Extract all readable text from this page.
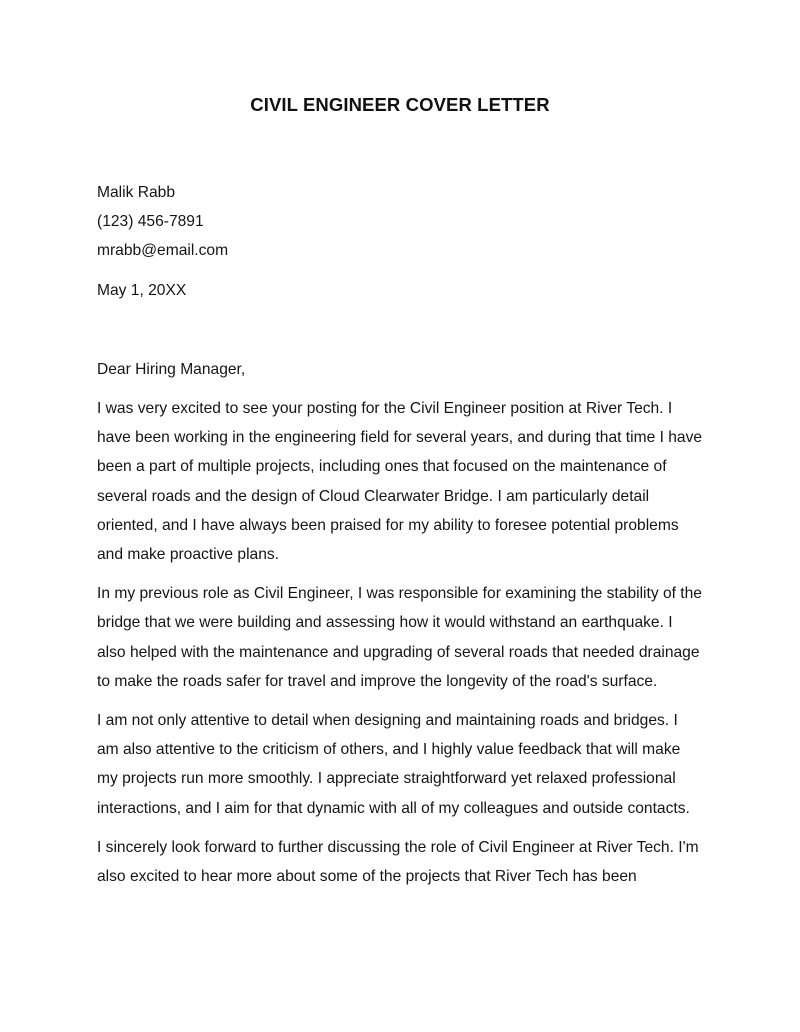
CIVIL ENGINEER COVER LETTER
Malik Rabb
(123) 456-7891
mrabb@email.com
May 1, 20XX
Dear Hiring Manager,

I was very excited to see your posting for the Civil Engineer position at River Tech. I have been working in the engineering field for several years, and during that time I have been a part of multiple projects, including ones that focused on the maintenance of several roads and the design of Cloud Clearwater Bridge. I am particularly detail oriented, and I have always been praised for my ability to foresee potential problems and make proactive plans.

In my previous role as Civil Engineer, I was responsible for examining the stability of the bridge that we were building and assessing how it would withstand an earthquake. I also helped with the maintenance and upgrading of several roads that needed drainage to make the roads safer for travel and improve the longevity of the road's surface.

I am not only attentive to detail when designing and maintaining roads and bridges. I am also attentive to the criticism of others, and I highly value feedback that will make my projects run more smoothly. I appreciate straightforward yet relaxed professional interactions, and I aim for that dynamic with all of my colleagues and outside contacts.

I sincerely look forward to further discussing the role of Civil Engineer at River Tech. I'm also excited to hear more about some of the projects that River Tech has been
